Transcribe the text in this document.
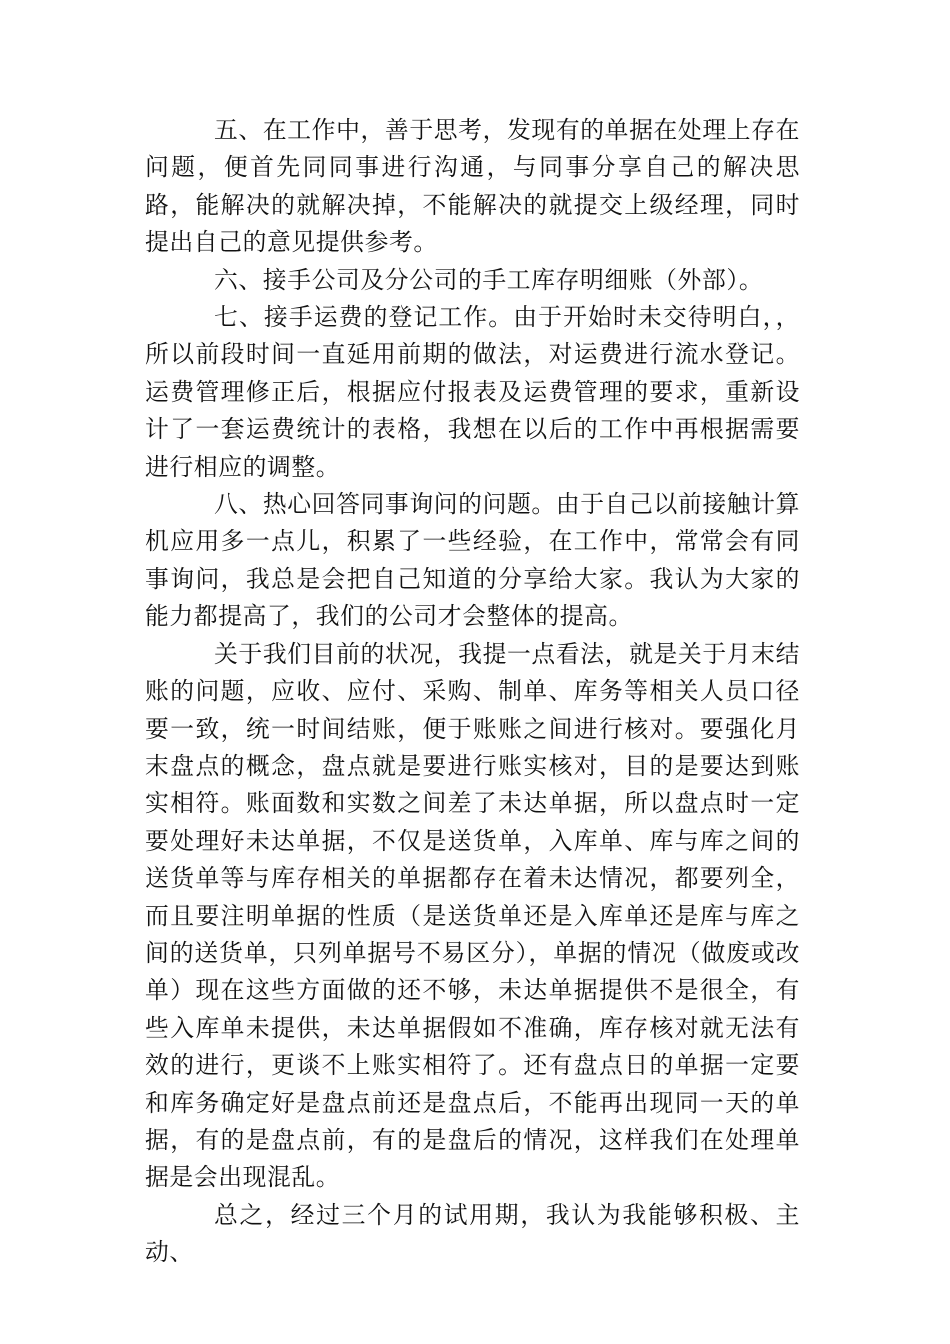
五、在工作中，善于思考，发现有的单据在处理上存在问题，便首先同同事进行沟通，与同事分享自己的解决思路，能解决的就解决掉，不能解决的就提交上级经理，同时提出自己的意见提供参考。

六、接手公司及分公司的手工库存明细账（外部）。

七、接手运费的登记工作。由于开始时未交待明白，，所以前段时间一直延用前期的做法，对运费进行流水登记。运费管理修正后，根据应付报表及运费管理的要求，重新设计了一套运费统计的表格，我想在以后的工作中再根据需要进行相应的调整。

八、热心回答同事询问的问题。由于自己以前接触计算机应用多一点儿，积累了一些经验，在工作中，常常会有同事询问，我总是会把自己知道的分享给大家。我认为大家的能力都提高了，我们的公司才会整体的提高。

关于我们目前的状况，我提一点看法，就是关于月末结账的问题，应收、应付、采购、制单、库务等相关人员口径要一致，统一时间结账，便于账账之间进行核对。要强化月末盘点的概念，盘点就是要进行账实核对，目的是要达到账实相符。账面数和实数之间差了未达单据，所以盘点时一定要处理好未达单据，不仅是送货单，入库单、库与库之间的送货单等与库存相关的单据都存在着未达情况，都要列全，而且要注明单据的性质（是送货单还是入库单还是库与库之间的送货单，只列单据号不易区分），单据的情况（做废或改单）现在这些方面做的还不够，未达单据提供不是很全，有些入库单未提供，未达单据假如不准确，库存核对就无法有效的进行，更谈不上账实相符了。还有盘点日的单据一定要和库务确定好是盘点前还是盘点后，不能再出现同一天的单据，有的是盘点前，有的是盘后的情况，这样我们在处理单据是会出现混乱。

总之，经过三个月的试用期，我认为我能够积极、主动、
